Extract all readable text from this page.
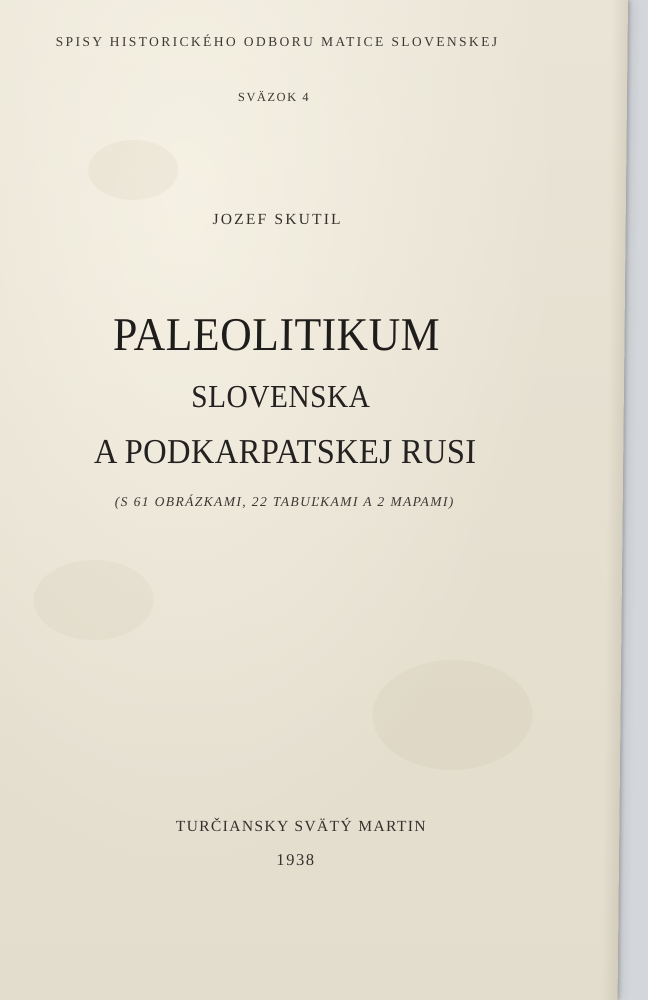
SPISY HISTORICKÉHO ODBORU MATICE SLOVENSKEJ
SVÄZOK 4
JOZEF SKUTIL
PALEOLITIKUM
SLOVENSKA
A PODKARPATSKEJ RUSI
(S 61 OBRÁZKAMI, 22 TABUĽKAMI A 2 MAPAMI)
TURČIANSKY SVÄTÝ MARTIN
1938
